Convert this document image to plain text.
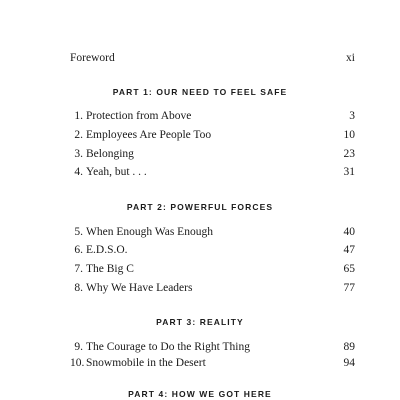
Foreword	xi
PART 1: OUR NEED TO FEEL SAFE
1. Protection from Above	3
2. Employees Are People Too	10
3. Belonging	23
4. Yeah, but . . .	31
PART 2: POWERFUL FORCES
5. When Enough Was Enough	40
6. E.D.S.O.	47
7. The Big C	65
8. Why We Have Leaders	77
PART 3: REALITY
9. The Courage to Do the Right Thing	89
10. Snowmobile in the Desert	94
PART 4: HOW WE GOT HERE
